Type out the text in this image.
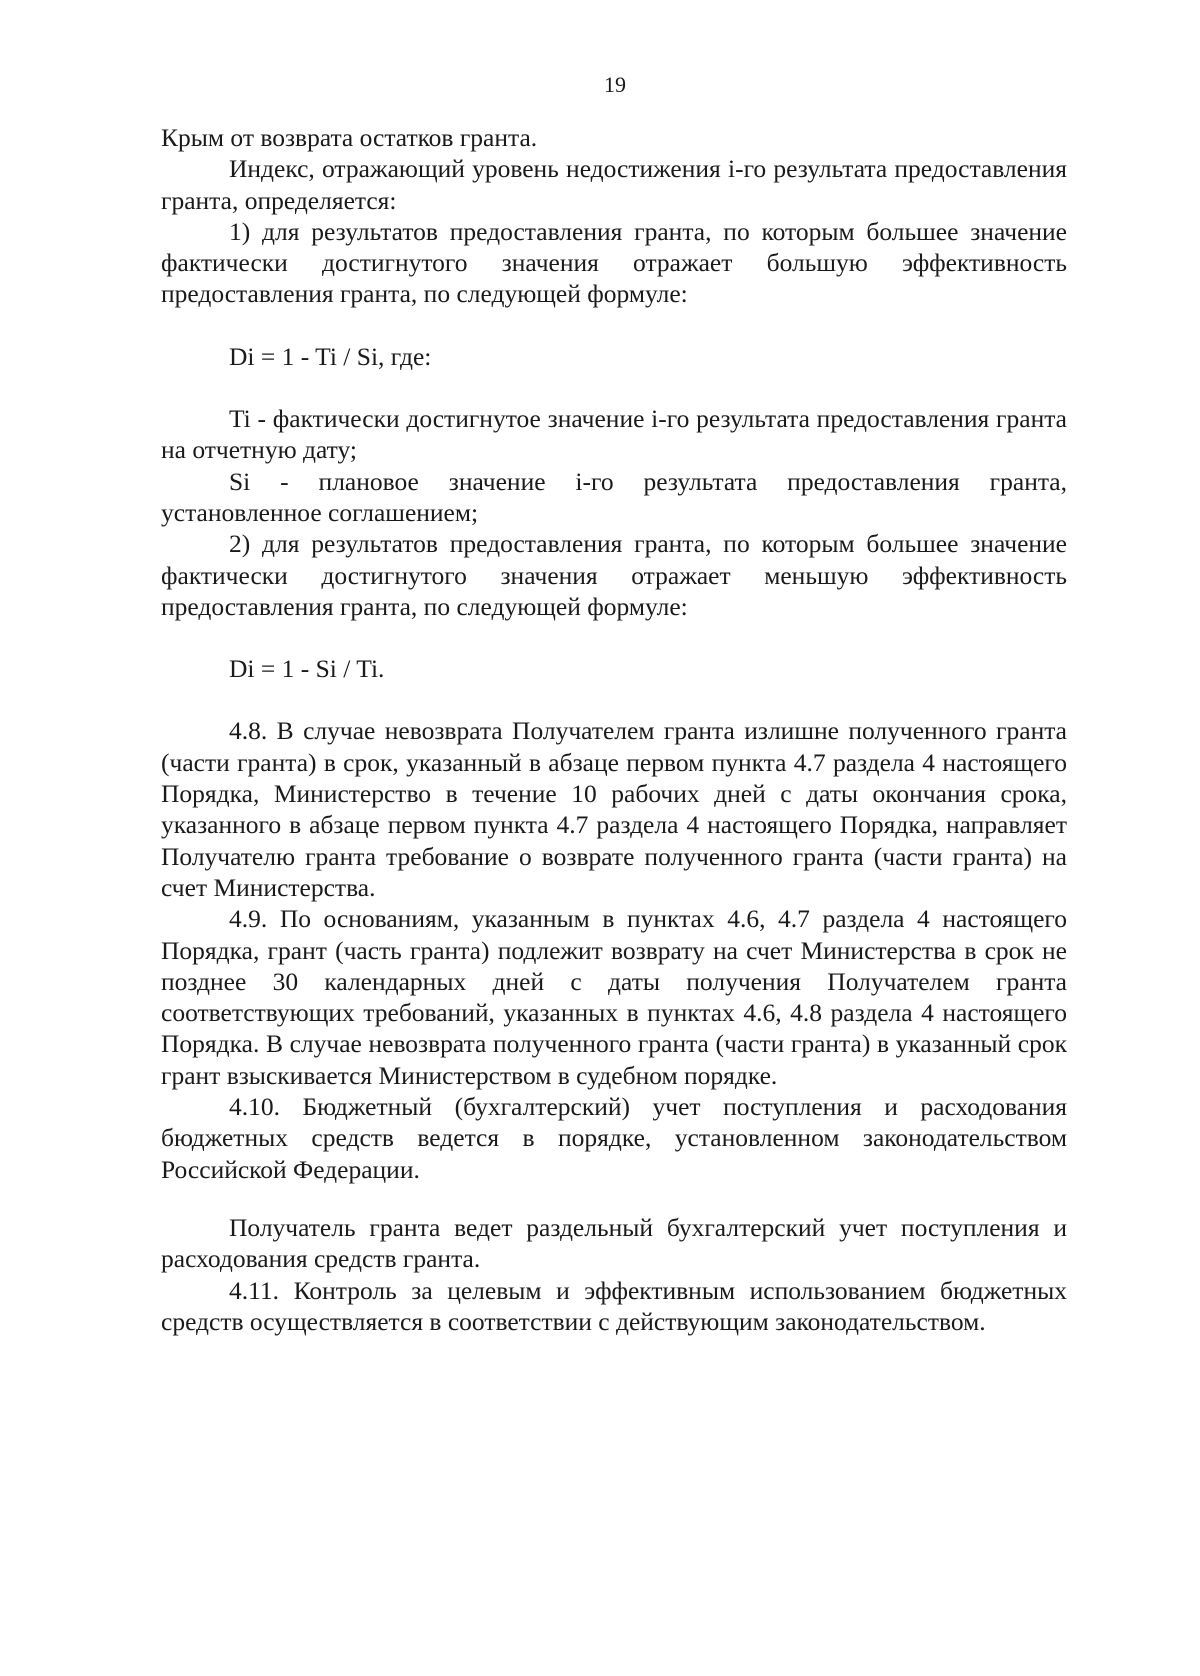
19

Крым от возврата остатков гранта.

Индекс, отражающий уровень недостижения i-го результата предоставления гранта, определяется:

1) для результатов предоставления гранта, по которым большее значение фактически достигнутого значения отражает большую эффективность предоставления гранта, по следующей формуле:

Di = 1 - Ti / Si, где:

Ti - фактически достигнутое значение i-го результата предоставления гранта на отчетную дату;

Si - плановое значение i-го результата предоставления гранта, установленное соглашением;

2) для результатов предоставления гранта, по которым большее значение фактически достигнутого значения отражает меньшую эффективность предоставления гранта, по следующей формуле:

Di = 1 - Si / Ti.

4.8. В случае невозврата Получателем гранта излишне полученного гранта (части гранта) в срок, указанный в абзаце первом пункта 4.7 раздела 4 настоящего Порядка, Министерство в течение 10 рабочих дней с даты окончания срока, указанного в абзаце первом пункта 4.7 раздела 4 настоящего Порядка, направляет Получателю гранта требование о возврате полученного гранта (части гранта) на счет Министерства.

4.9. По основаниям, указанным в пунктах 4.6, 4.7 раздела 4 настоящего Порядка, грант (часть гранта) подлежит возврату на счет Министерства в срок не позднее 30 календарных дней с даты получения Получателем гранта соответствующих требований, указанных в пунктах 4.6, 4.8 раздела 4 настоящего Порядка. В случае невозврата полученного гранта (части гранта) в указанный срок грант взыскивается Министерством в судебном порядке.

4.10. Бюджетный (бухгалтерский) учет поступления и расходования бюджетных средств ведется в порядке, установленном законодательством Российской Федерации.

Получатель гранта ведет раздельный бухгалтерский учет поступления и расходования средств гранта.

4.11. Контроль за целевым и эффективным использованием бюджетных средств осуществляется в соответствии с действующим законодательством.
